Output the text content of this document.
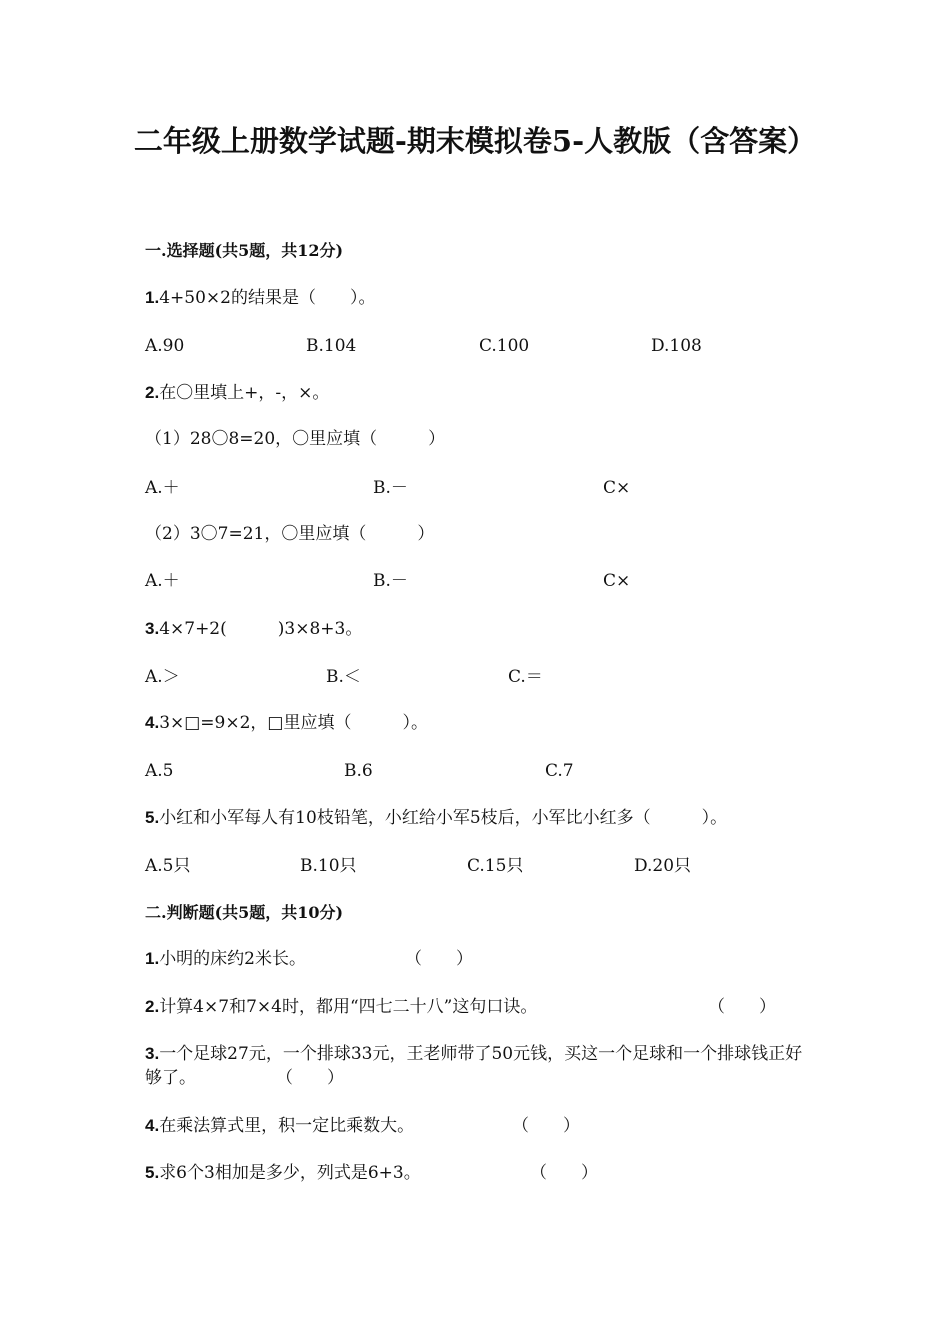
二年级上册数学试题-期末模拟卷5-人教版（含答案）
一.选择题(共5题，共12分)
1.4+50×2的结果是（　　）。
A.90	B.104	C.100	D.108
2.在〇里填上+，-，×。
（1）28〇8=20，〇里应填（　　　）
A.＋	B.－	C×
（2）3〇7=21，〇里应填（　　　）
A.＋	B.－	C×
3.4×7+2(　　　)3×8+3。
A.＞	B.＜	C.＝
4.3×□=9×2，□里应填（　　　）。
A.5	B.6	C.7
5.小红和小军每人有10枝铅笔，小红给小军5枝后，小军比小红多（　　　）。
A.5只	B.10只	C.15只	D.20只
二.判断题(共5题，共10分)
1.小明的床约2米长。	（　　）
2.计算4×7和7×4时，都用“四七二十八”这句口诀。	（　　）
3.一个足球27元，一个排球33元，王老师带了50元钱，买这一个足球和一个排球钱正好够了。	（　　）
4.在乘法算式里，积一定比乘数大。	（　　）
5.求6个3相加是多少，列式是6+3。	（　　）
